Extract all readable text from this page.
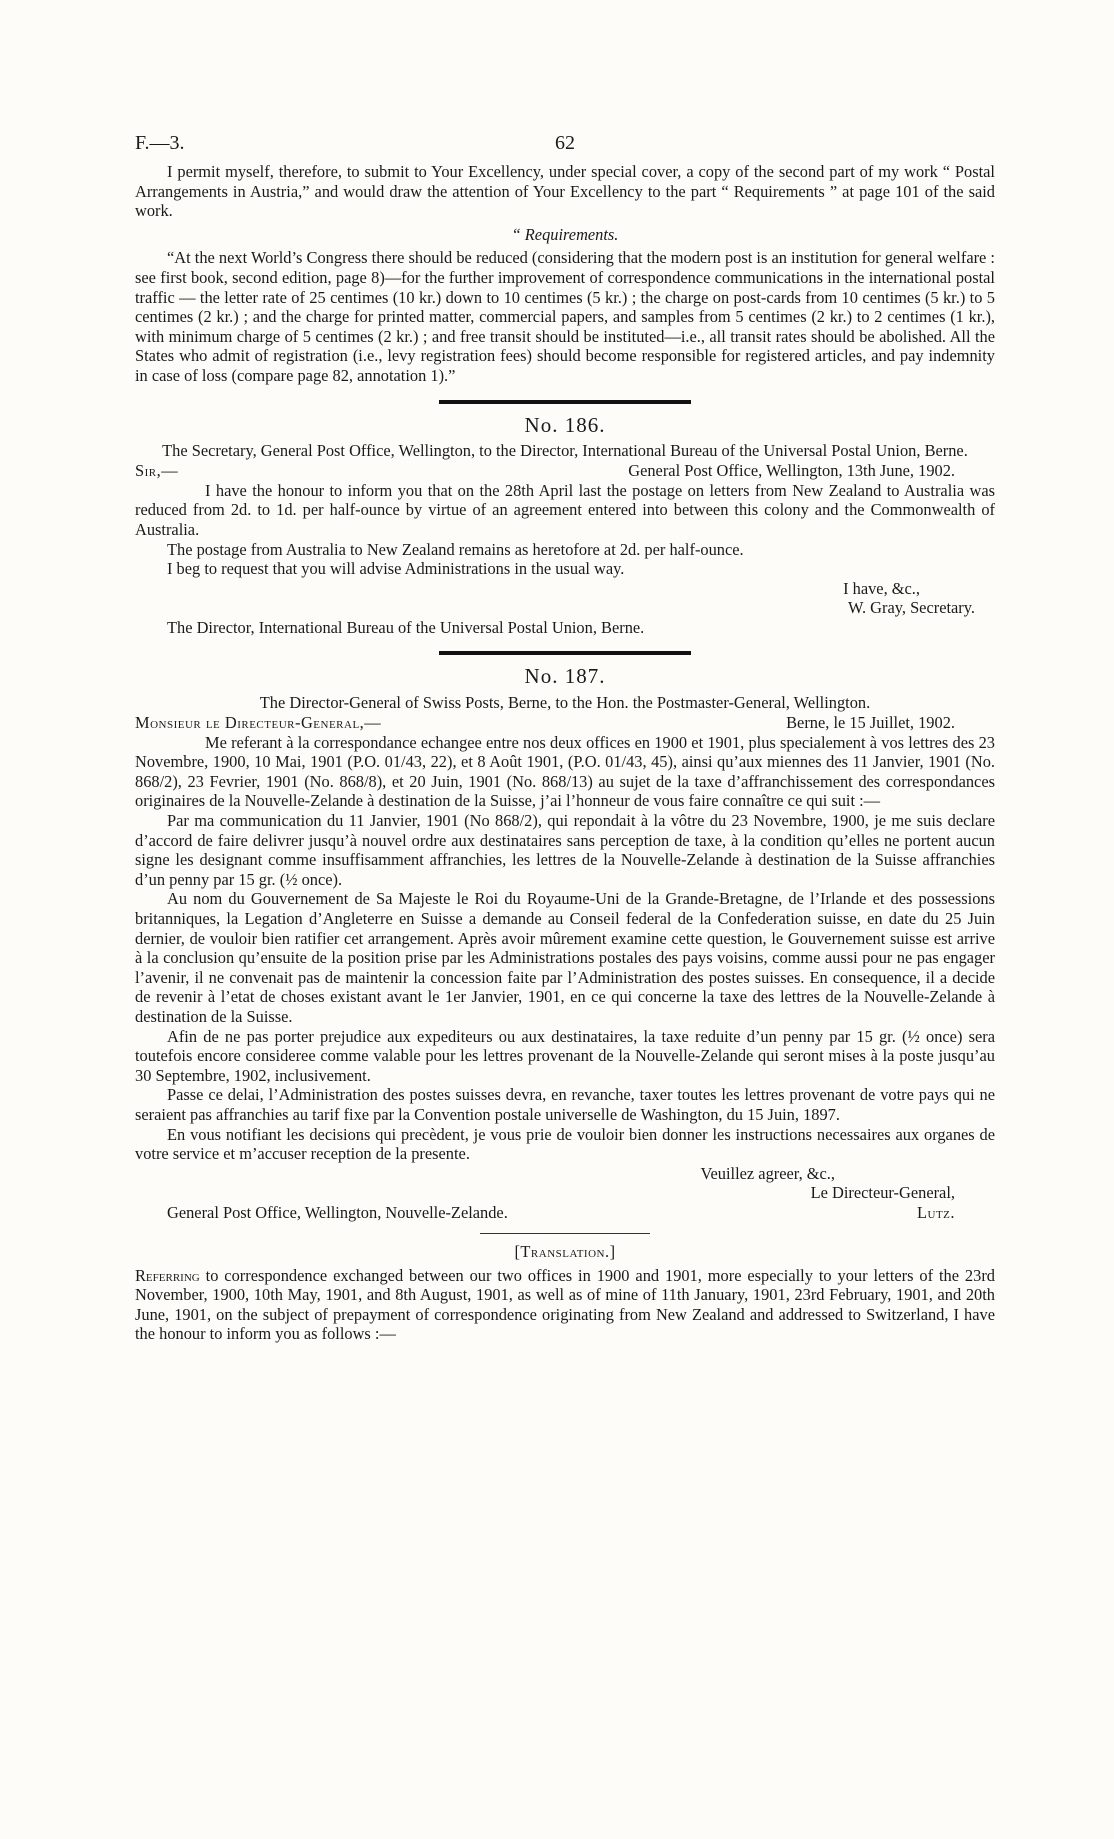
F.—3.	62

I permit myself, therefore, to submit to Your Excellency, under special cover, a copy of the second part of my work “ Postal Arrangements in Austria,” and would draw the attention of Your Excellency to the part “ Requirements ” at page 101 of the said work.

“ Requirements.

“At the next World’s Congress there should be reduced (considering that the modern post is an institution for general welfare : see first book, second edition, page 8)—for the further improvement of correspondence communications in the international postal traffic — the letter rate of 25 centimes (10 kr.) down to 10 centimes (5 kr.) ; the charge on post-cards from 10 centimes (5 kr.) to 5 centimes (2 kr.) ; and the charge for printed matter, commercial papers, and samples from 5 centimes (2 kr.) to 2 centimes (1 kr.), with minimum charge of 5 centimes (2 kr.) ; and free transit should be instituted—i.e., all transit rates should be abolished. All the States who admit of registration (i.e., levy registration fees) should become responsible for registered articles, and pay indemnity in case of loss (compare page 82, annotation 1).”

No. 186.

The Secretary, General Post Office, Wellington, to the Director, International Bureau of the Universal Postal Union, Berne.

Sir,—	General Post Office, Wellington, 13th June, 1902.

I have the honour to inform you that on the 28th April last the postage on letters from New Zealand to Australia was reduced from 2d. to 1d. per half-ounce by virtue of an agreement entered into between this colony and the Commonwealth of Australia.

The postage from Australia to New Zealand remains as heretofore at 2d. per half-ounce.

I beg to request that you will advise Administrations in the usual way.

I have, &c.,

W. Gray, Secretary.

The Director, International Bureau of the Universal Postal Union, Berne.

No. 187.

The Director-General of Swiss Posts, Berne, to the Hon. the Postmaster-General, Wellington.

Monsieur le Directeur-General,—	Berne, le 15 Juillet, 1902.

Me referant à la correspondance echangee entre nos deux offices en 1900 et 1901, plus specialement à vos lettres des 23 Novembre, 1900, 10 Mai, 1901 (P.O. 01/43, 22), et 8 Août 1901, (P.O. 01/43, 45), ainsi qu’aux miennes des 11 Janvier, 1901 (No. 868/2), 23 Fevrier, 1901 (No. 868/8), et 20 Juin, 1901 (No. 868/13) au sujet de la taxe d’affranchissement des correspondances originaires de la Nouvelle-Zelande à destination de la Suisse, j’ai l’honneur de vous faire connaître ce qui suit :—

Par ma communication du 11 Janvier, 1901 (No 868/2), qui repondait à la vôtre du 23 Novembre, 1900, je me suis declare d’accord de faire delivrer jusqu’à nouvel ordre aux destinataires sans perception de taxe, à la condition qu’elles ne portent aucun signe les designant comme insuffisamment affranchies, les lettres de la Nouvelle-Zelande à destination de la Suisse affranchies d’un penny par 15 gr. (½ once).

Au nom du Gouvernement de Sa Majeste le Roi du Royaume-Uni de la Grande-Bretagne, de l’Irlande et des possessions britanniques, la Legation d’Angleterre en Suisse a demande au Conseil federal de la Confederation suisse, en date du 25 Juin dernier, de vouloir bien ratifier cet arrangement. Après avoir mûrement examine cette question, le Gouvernement suisse est arrive à la conclusion qu’ensuite de la position prise par les Administrations postales des pays voisins, comme aussi pour ne pas engager l’avenir, il ne convenait pas de maintenir la concession faite par l’Administration des postes suisses. En consequence, il a decide de revenir à l’etat de choses existant avant le 1er Janvier, 1901, en ce qui concerne la taxe des lettres de la Nouvelle-Zelande à destination de la Suisse.

Afin de ne pas porter prejudice aux expediteurs ou aux destinataires, la taxe reduite d’un penny par 15 gr. (½ once) sera toutefois encore consideree comme valable pour les lettres provenant de la Nouvelle-Zelande qui seront mises à la poste jusqu’au 30 Septembre, 1902, inclusivement.

Passe ce delai, l’Administration des postes suisses devra, en revanche, taxer toutes les lettres provenant de votre pays qui ne seraient pas affranchies au tarif fixe par la Convention postale universelle de Washington, du 15 Juin, 1897.

En vous notifiant les decisions qui precèdent, je vous prie de vouloir bien donner les instructions necessaires aux organes de votre service et m’accuser reception de la presente.

Veuillez agreer, &c.,

Le Directeur-General,

General Post Office, Wellington, Nouvelle-Zelande.	Lutz.

[Translation.]

Referring to correspondence exchanged between our two offices in 1900 and 1901, more especially to your letters of the 23rd November, 1900, 10th May, 1901, and 8th August, 1901, as well as of mine of 11th January, 1901, 23rd February, 1901, and 20th June, 1901, on the subject of prepayment of correspondence originating from New Zealand and addressed to Switzerland, I have the honour to inform you as follows :—
